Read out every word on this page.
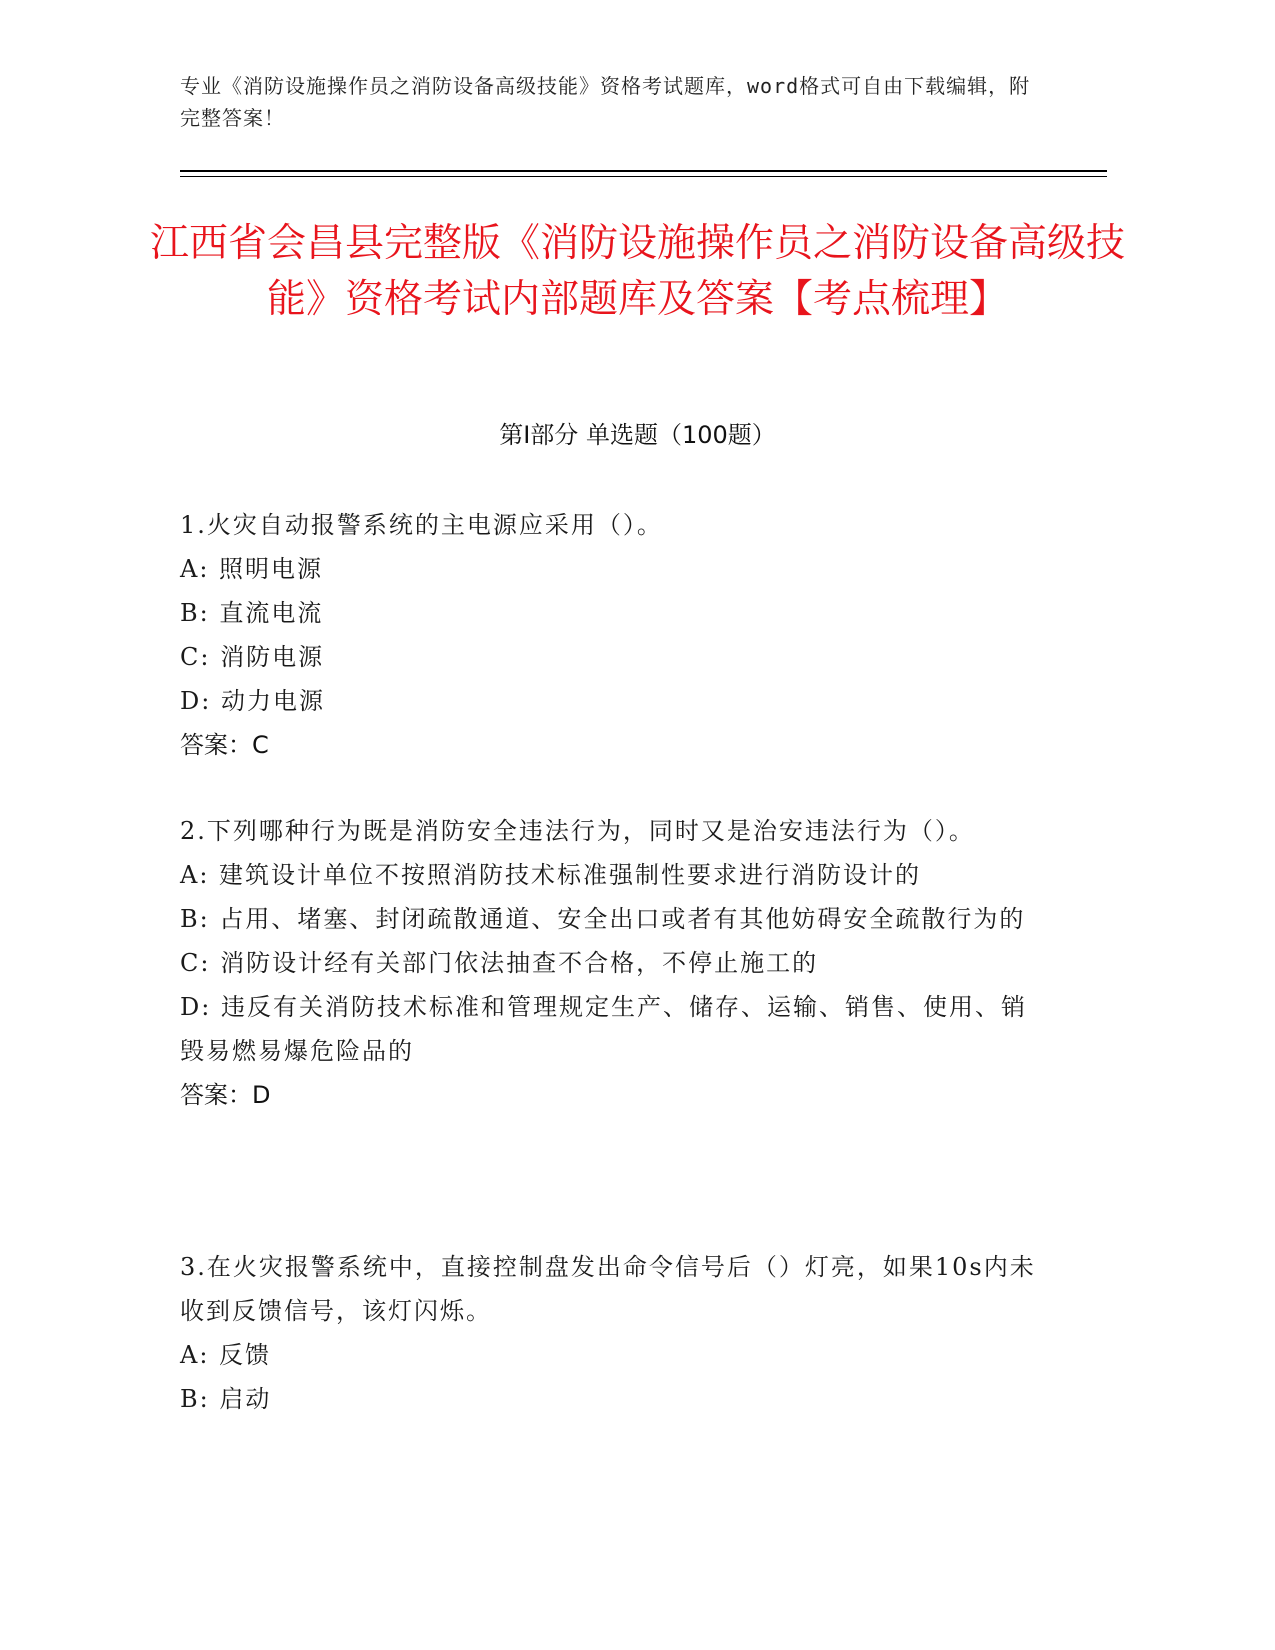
专业《消防设施操作员之消防设备高级技能》资格考试题库，word格式可自由下载编辑，附完整答案！
江西省会昌县完整版《消防设施操作员之消防设备高级技能》资格考试内部题库及答案【考点梳理】
第I部分 单选题（100题）

1.火灾自动报警系统的主电源应采用（）。

A: 照明电源

B: 直流电流

C: 消防电源

D: 动力电源

答案：C

2.下列哪种行为既是消防安全违法行为，同时又是治安违法行为（）。

A: 建筑设计单位不按照消防技术标准强制性要求进行消防设计的

B: 占用、堵塞、封闭疏散通道、安全出口或者有其他妨碍安全疏散行为的

C: 消防设计经有关部门依法抽查不合格，不停止施工的

D: 违反有关消防技术标准和管理规定生产、储存、运输、销售、使用、销毁易燃易爆危险品的

答案：D

3.在火灾报警系统中，直接控制盘发出命令信号后（）灯亮，如果10s内未收到反馈信号，该灯闪烁。

A: 反馈

B: 启动
